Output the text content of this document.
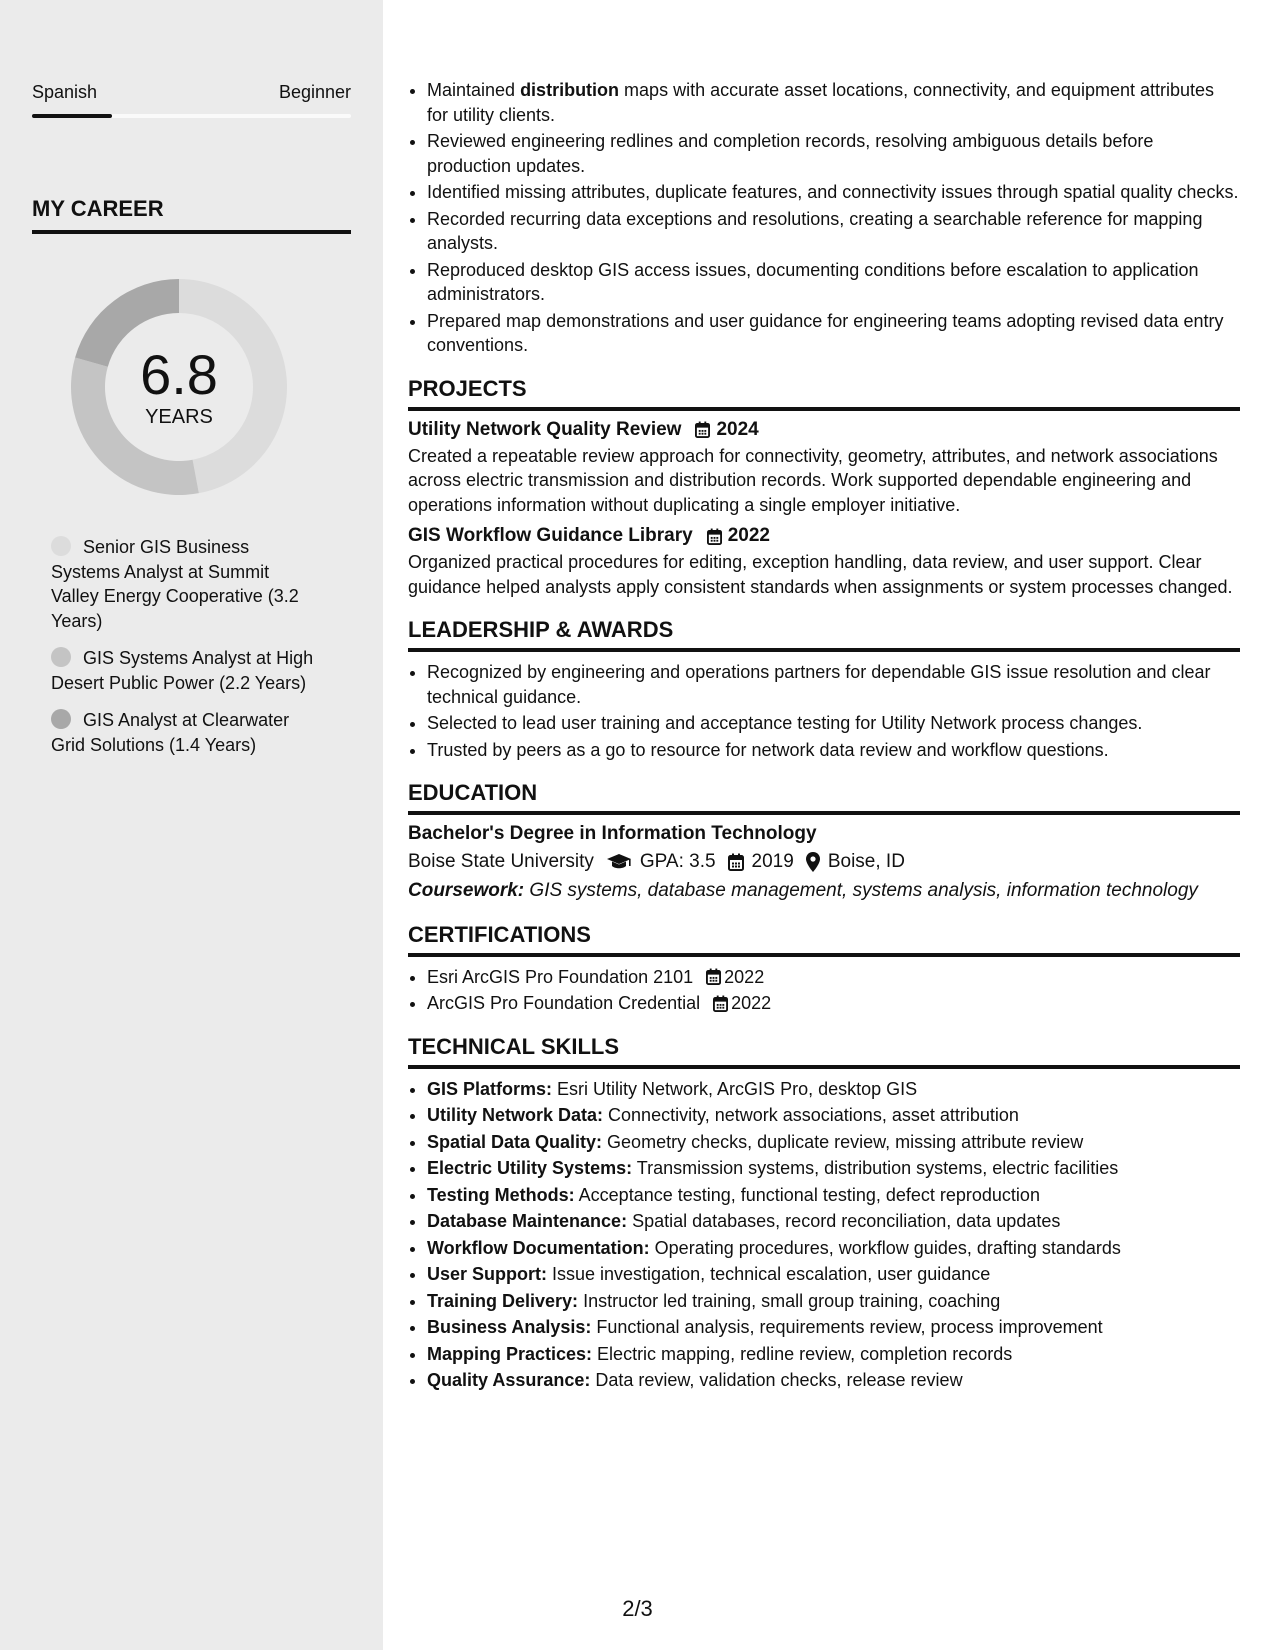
Spanish	Beginner
MY CAREER
6.8
YEARS
Senior GIS Business Systems Analyst at Summit Valley Energy Cooperative (3.2 Years)
GIS Systems Analyst at High Desert Public Power (2.2 Years)
GIS Analyst at Clearwater Grid Solutions (1.4 Years)
• Maintained distribution maps with accurate asset locations, connectivity, and equipment attributes for utility clients.
• Reviewed engineering redlines and completion records, resolving ambiguous details before production updates.
• Identified missing attributes, duplicate features, and connectivity issues through spatial quality checks.
• Recorded recurring data exceptions and resolutions, creating a searchable reference for mapping analysts.
• Reproduced desktop GIS access issues, documenting conditions before escalation to application administrators.
• Prepared map demonstrations and user guidance for engineering teams adopting revised data entry conventions.
PROJECTS
Utility Network Quality Review 2024
Created a repeatable review approach for connectivity, geometry, attributes, and network associations across electric transmission and distribution records. Work supported dependable engineering and operations information without duplicating a single employer initiative.
GIS Workflow Guidance Library 2022
Organized practical procedures for editing, exception handling, data review, and user support. Clear guidance helped analysts apply consistent standards when assignments or system processes changed.
LEADERSHIP & AWARDS
• Recognized by engineering and operations partners for dependable GIS issue resolution and clear technical guidance.
• Selected to lead user training and acceptance testing for Utility Network process changes.
• Trusted by peers as a go to resource for network data review and workflow questions.
EDUCATION
Bachelor's Degree in Information Technology
Boise State University GPA: 3.5 2019 Boise, ID
Coursework: GIS systems, database management, systems analysis, information technology
CERTIFICATIONS
• Esri ArcGIS Pro Foundation 2101 2022
• ArcGIS Pro Foundation Credential 2022
TECHNICAL SKILLS
• GIS Platforms: Esri Utility Network, ArcGIS Pro, desktop GIS
• Utility Network Data: Connectivity, network associations, asset attribution
• Spatial Data Quality: Geometry checks, duplicate review, missing attribute review
• Electric Utility Systems: Transmission systems, distribution systems, electric facilities
• Testing Methods: Acceptance testing, functional testing, defect reproduction
• Database Maintenance: Spatial databases, record reconciliation, data updates
• Workflow Documentation: Operating procedures, workflow guides, drafting standards
• User Support: Issue investigation, technical escalation, user guidance
• Training Delivery: Instructor led training, small group training, coaching
• Business Analysis: Functional analysis, requirements review, process improvement
• Mapping Practices: Electric mapping, redline review, completion records
• Quality Assurance: Data review, validation checks, release review
2/3
